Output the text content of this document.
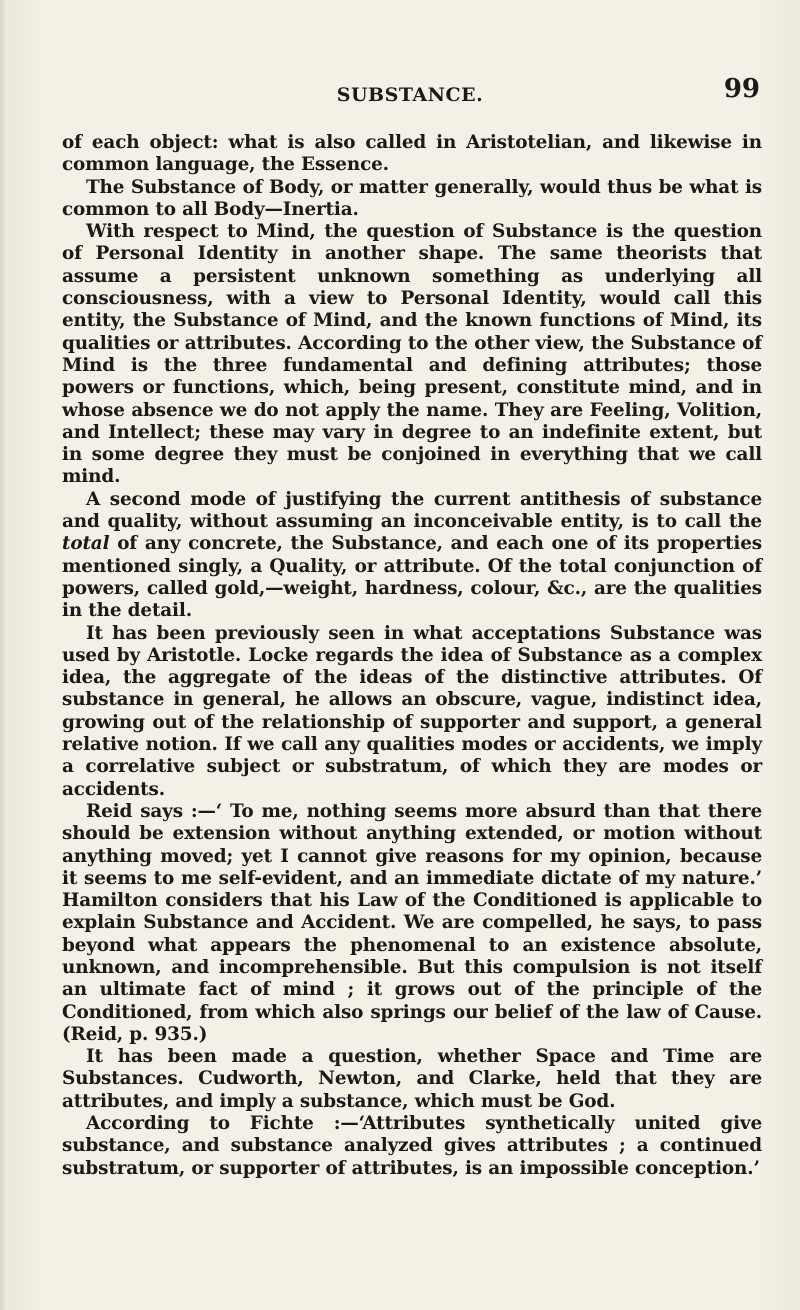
SUBSTANCE.	99

of each object: what is also called in Aristotelian, and likewise in common language, the Essence.

The Substance of Body, or matter generally, would thus be what is common to all Body—Inertia.

With respect to Mind, the question of Substance is the question of Personal Identity in another shape. The same theorists that assume a persistent unknown something as underlying all consciousness, with a view to Personal Identity, would call this entity, the Substance of Mind, and the known functions of Mind, its qualities or attributes. According to the other view, the Substance of Mind is the three fundamental and defining attributes; those powers or functions, which, being present, constitute mind, and in whose absence we do not apply the name. They are Feeling, Volition, and Intellect; these may vary in degree to an indefinite extent, but in some degree they must be conjoined in everything that we call mind.

A second mode of justifying the current antithesis of substance and quality, without assuming an inconceivable entity, is to call the total of any concrete, the Substance, and each one of its properties mentioned singly, a Quality, or attribute. Of the total conjunction of powers, called gold,—weight, hardness, colour, &c., are the qualities in the detail.

It has been previously seen in what acceptations Substance was used by Aristotle. Locke regards the idea of Substance as a complex idea, the aggregate of the ideas of the distinctive attributes. Of substance in general, he allows an obscure, vague, indistinct idea, growing out of the relationship of supporter and support, a general relative notion. If we call any qualities modes or accidents, we imply a correlative subject or substratum, of which they are modes or accidents.

Reid says :—‘ To me, nothing seems more absurd than that there should be extension without anything extended, or motion without anything moved; yet I cannot give reasons for my opinion, because it seems to me self-evident, and an immediate dictate of my nature.’ Hamilton considers that his Law of the Conditioned is applicable to explain Substance and Accident. We are compelled, he says, to pass beyond what appears the phenomenal to an existence absolute, unknown, and incomprehensible. But this compulsion is not itself an ultimate fact of mind ; it grows out of the principle of the Conditioned, from which also springs our belief of the law of Cause. (Reid, p. 935.)

It has been made a question, whether Space and Time are Substances. Cudworth, Newton, and Clarke, held that they are attributes, and imply a substance, which must be God.

According to Fichte :—‘Attributes synthetically united give substance, and substance analyzed gives attributes ; a continued substratum, or supporter of attributes, is an impossible conception.’
